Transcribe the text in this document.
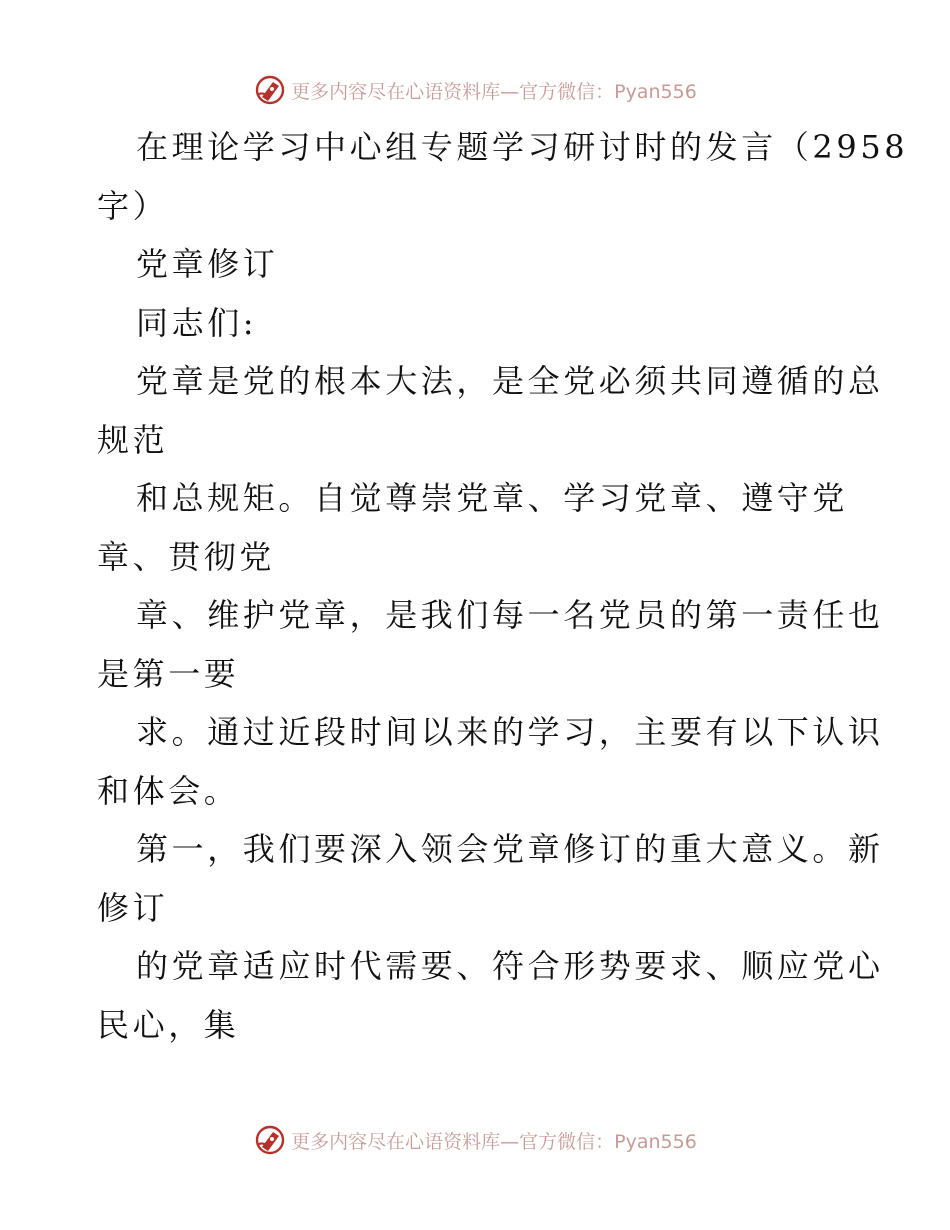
更多内容尽在心语资料库—官方微信：Pyan556
在理论学习中心组专题学习研讨时的发言（2958
字）
党章修订
同志们:
党章是党的根本大法，是全党必须共同遵循的总
规范
和总规矩。自觉尊崇党章、学习党章、遵守党
章、贯彻党
章、维护党章，是我们每一名党员的第一责任也
是第一要
求。通过近段时间以来的学习，主要有以下认识
和体会。
第一，我们要深入领会党章修订的重大意义。新
修订
的党章适应时代需要、符合形势要求、顺应党心
民心，集
更多内容尽在心语资料库—官方微信：Pyan556
